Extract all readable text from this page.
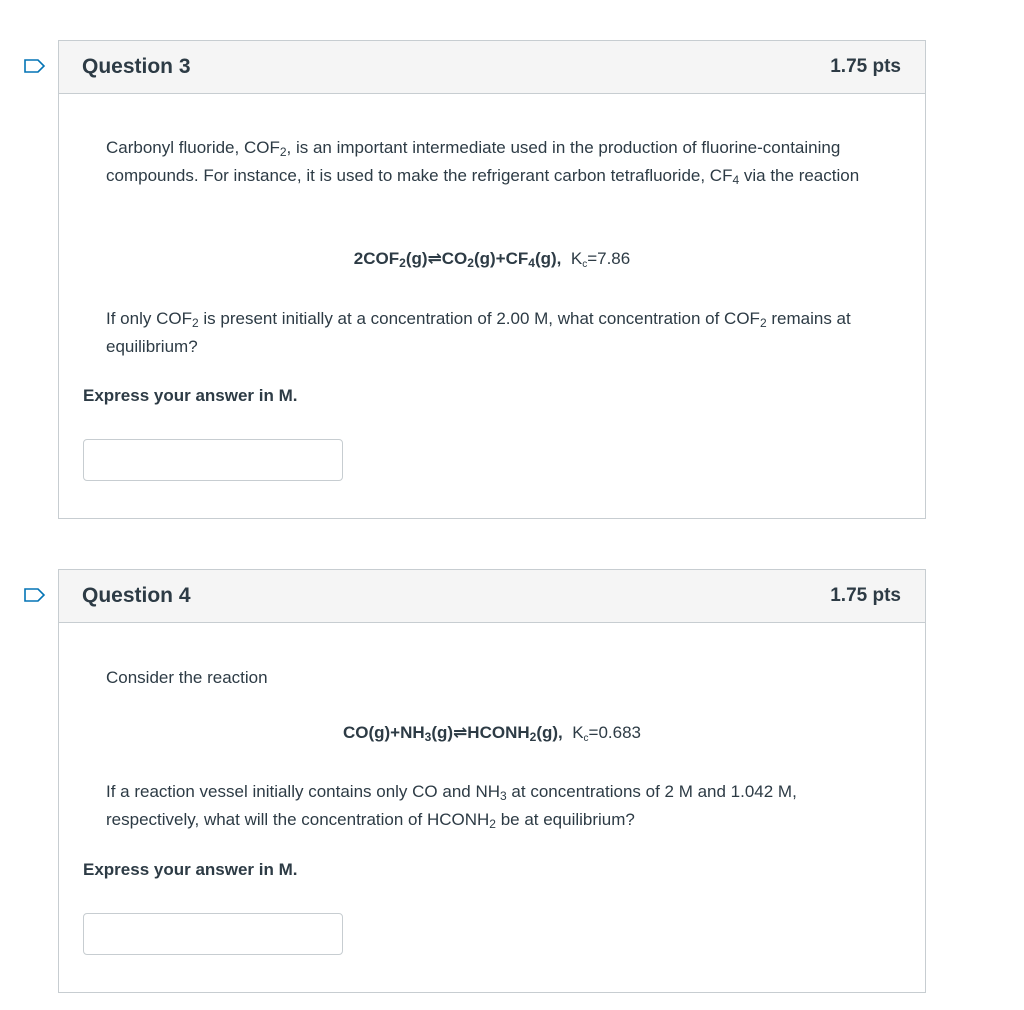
Question 3	1.75 pts
Carbonyl fluoride, $COF_2$, is an important intermediate used in the production of fluorine-containing compounds. For instance, it is used to make the refrigerant carbon tetrafluoride, $CF_4$ via the reaction
$2COF_2(g)\rightleftharpoons CO_2(g)+CF_4(g)$,  $K_c=7.86$
If only $COF_2$ is present initially at a concentration of 2.00 M, what concentration of $COF_2$ remains at equilibrium?
Express your answer in M.
Question 4	1.75 pts
Consider the reaction
$CO(g)+NH_3(g)\rightleftharpoons HCONH_2(g)$,  $K_c=0.683$
If a reaction vessel initially contains only CO and $NH_3$ at concentrations of 2 M and 1.042 M, respectively, what will the concentration of $HCONH_2$ be at equilibrium?
Express your answer in M.
